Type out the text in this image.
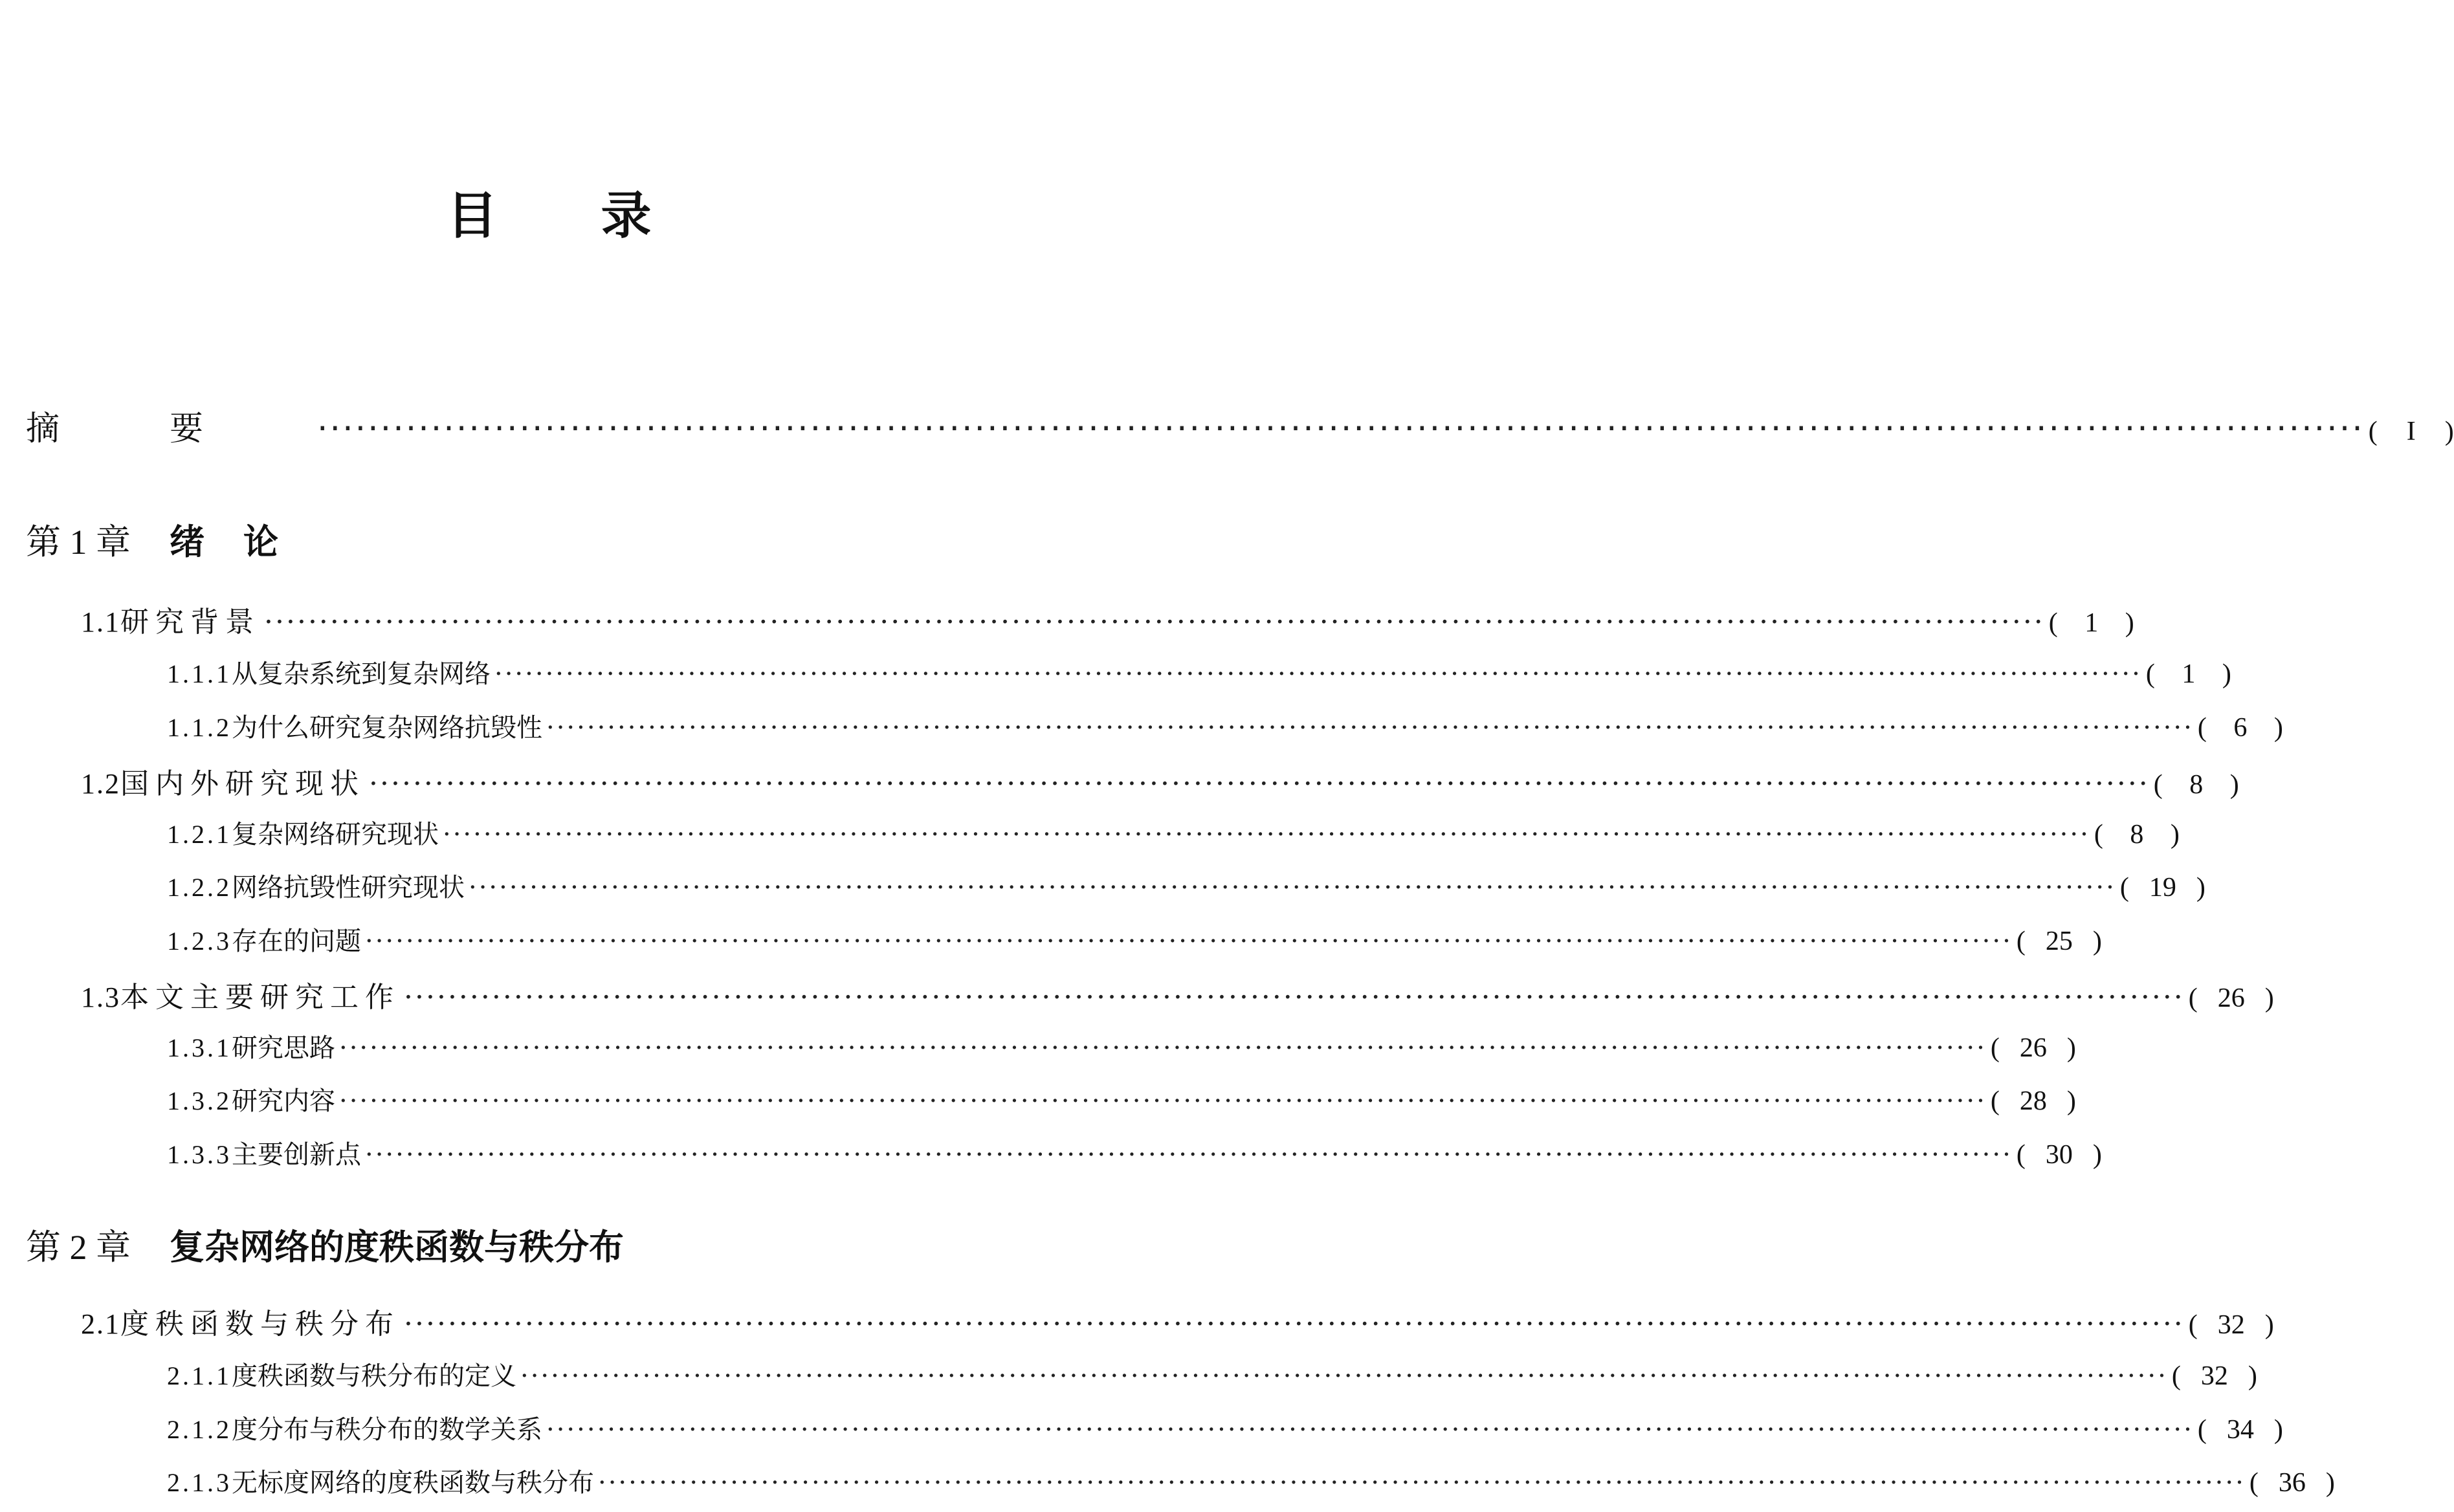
目录
摘要 ·································································································································································· ( I )
第 1 章 绪论
第 2 章 复杂网络的度秩函数与秩分布
1.1 研究背景 ·································································································································································· ( 1 )
1.1.1 从复杂系统到复杂网络 ·································································································································································· ( 1 )
1.1.2 为什么研究复杂网络抗毁性 ·································································································································································· ( 6 )
1.2 国内外研究现状 ·································································································································································· ( 8 )
1.2.1 复杂网络研究现状 ·································································································································································· ( 8 )
1.2.2 网络抗毁性研究现状 ·································································································································································· ( 19 )
1.2.3 存在的问题 ·································································································································································· ( 25 )
1.3 本文主要研究工作 ·································································································································································· ( 26 )
1.3.1 研究思路 ·································································································································································· ( 26 )
1.3.2 研究内容 ·································································································································································· ( 28 )
1.3.3 主要创新点 ·································································································································································· ( 30 )
2.1 度秩函数与秩分布 ·································································································································································· ( 32 )
2.1.1 度秩函数与秩分布的定义 ·································································································································································· ( 32 )
2.1.2 度分布与秩分布的数学关系 ·································································································································································· ( 34 )
2.1.3 无标度网络的度秩函数与秩分布 ·································································································································································· ( 36 )
